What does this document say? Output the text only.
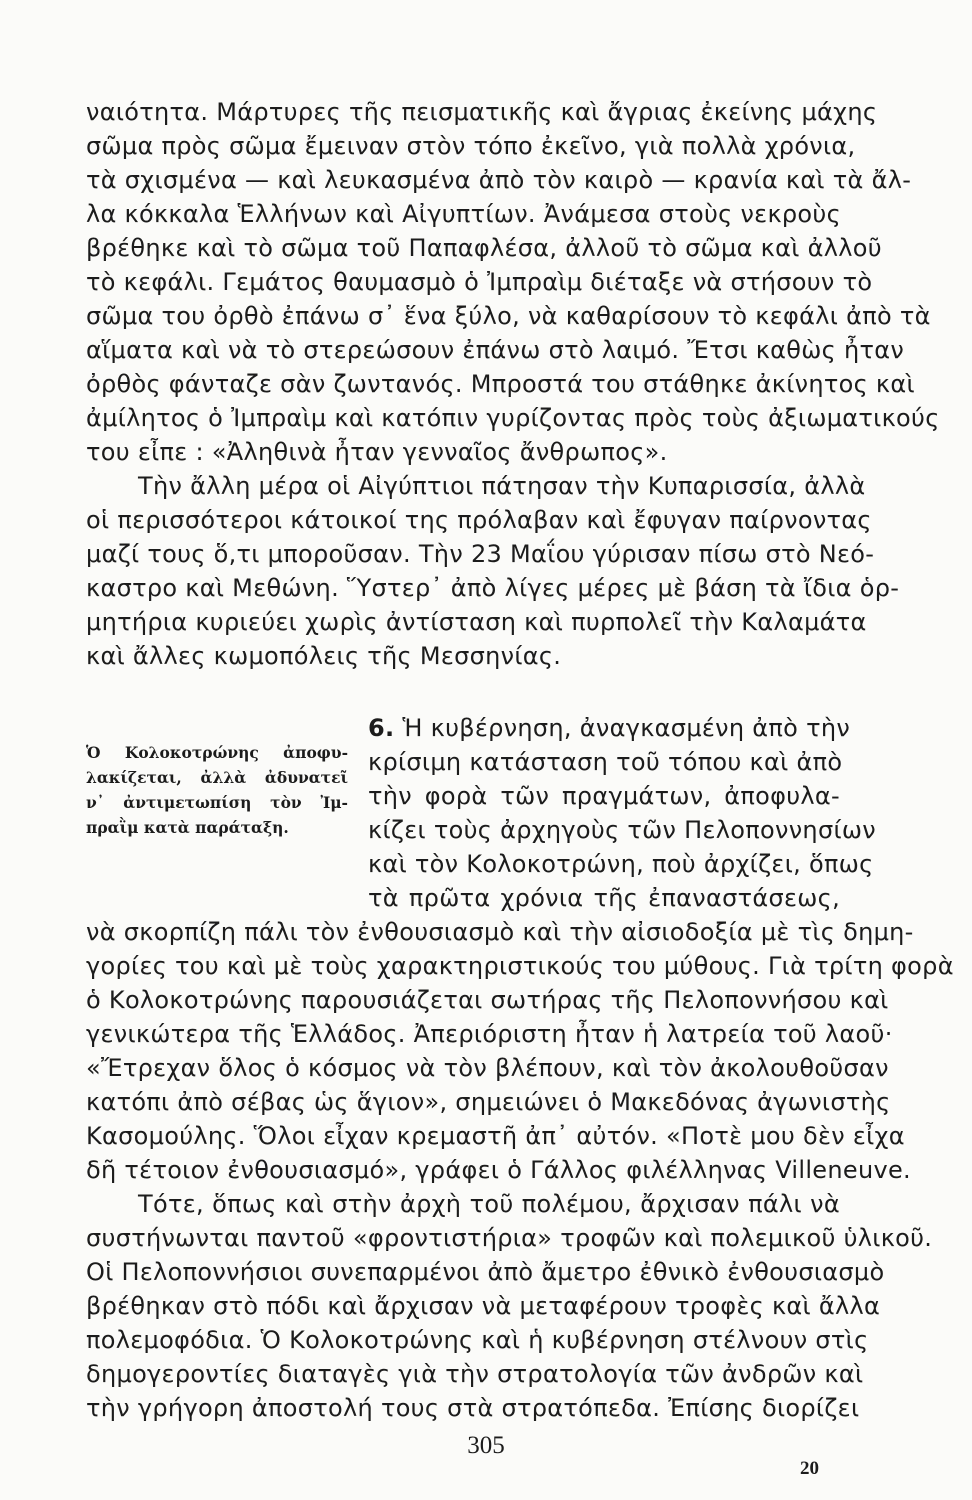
ναιότητα. Μάρτυρες τῆς πεισματικῆς καὶ ἄγριας ἐκείνης μάχης
σῶμα πρὸς σῶμα ἔμειναν στὸν τόπο ἐκεῖνο, γιὰ πολλὰ χρόνια,
τὰ σχισμένα — καὶ λευκασμένα ἀπὸ τὸν καιρὸ — κρανία καὶ τὰ ἄλ-
λα κόκκαλα Ἑλλήνων καὶ Αἰγυπτίων. Ἀνάμεσα στοὺς νεκροὺς
βρέθηκε καὶ τὸ σῶμα τοῦ Παπαφλέσα, ἀλλοῦ τὸ σῶμα καὶ ἀλλοῦ
τὸ κεφάλι. Γεμάτος θαυμασμὸ ὁ Ἰμπραὶμ διέταξε νὰ στήσουν τὸ
σῶμα του ὀρθὸ ἐπάνω σ᾿ ἕνα ξύλο, νὰ καθαρίσουν τὸ κεφάλι ἀπὸ τὰ
αἵματα καὶ νὰ τὸ στερεώσουν ἐπάνω στὸ λαιμό. Ἔτσι καθὼς ἦταν
ὀρθὸς φάνταζε σὰν ζωντανός. Μπροστά του στάθηκε ἀκίνητος καὶ
ἀμίλητος ὁ Ἰμπραὶμ καὶ κατόπιν γυρίζοντας πρὸς τοὺς ἀξιωματικούς
του εἶπε : «Ἀληθινὰ ἦταν γενναῖος ἄνθρωπος».
Τὴν ἄλλη μέρα οἱ Αἰγύπτιοι πάτησαν τὴν Κυπαρισσία, ἀλλὰ
οἱ περισσότεροι κάτοικοί της πρόλαβαν καὶ ἔφυγαν παίρνοντας
μαζί τους ὅ,τι μποροῦσαν. Τὴν 23 Μαΐου γύρισαν πίσω στὸ Νεό-
καστρο καὶ Μεθώνη. Ὕστερ᾿ ἀπὸ λίγες μέρες μὲ βάση τὰ ἴδια ὁρ-
μητήρια κυριεύει χωρὶς ἀντίσταση καὶ πυρπολεῖ τὴν Καλαμάτα
καὶ ἄλλες κωμοπόλεις τῆς Μεσσηνίας.
6. Ἡ κυβέρνηση, ἀναγκασμένη ἀπὸ τὴν
κρίσιμη κατάσταση τοῦ τόπου καὶ ἀπὸ
τὴν φορὰ τῶν πραγμάτων, ἀποφυλα-
κίζει τοὺς ἀρχηγοὺς τῶν Πελοποννησίων
καὶ τὸν Κολοκοτρώνη, ποὺ ἀρχίζει, ὅπως
τὰ πρῶτα χρόνια τῆς ἐπαναστάσεως,
Ὁ Κολοκοτρώνης ἀποφυ-
λακίζεται, ἀλλὰ ἀδυνατεῖ
ν᾿ ἀντιμετωπίση τὸν Ἰμ-
πραῒμ κατὰ παράταξη.
νὰ σκορπίζη πάλι τὸν ἐνθουσιασμὸ καὶ τὴν αἰσιοδοξία μὲ τὶς δημη-
γορίες του καὶ μὲ τοὺς χαρακτηριστικούς του μύθους. Γιὰ τρίτη φορὰ
ὁ Κολοκοτρώνης παρουσιάζεται σωτήρας τῆς Πελοποννήσου καὶ
γενικώτερα τῆς Ἑλλάδος. Ἀπεριόριστη ἦταν ἡ λατρεία τοῦ λαοῦ·
«Ἔτρεχαν ὅλος ὁ κόσμος νὰ τὸν βλέπουν, καὶ τὸν ἀκολουθοῦσαν
κατόπι ἀπὸ σέβας ὡς ἅγιον», σημειώνει ὁ Μακεδόνας ἀγωνιστὴς
Κασομούλης. Ὅλοι εἶχαν κρεμαστῆ ἀπ᾿ αὐτόν. «Ποτὲ μου δὲν εἶχα
δῆ τέτοιον ἐνθουσιασμό», γράφει ὁ Γάλλος φιλέλληνας Villeneuve.
Τότε, ὅπως καὶ στὴν ἀρχὴ τοῦ πολέμου, ἄρχισαν πάλι νὰ
συστήνωνται παντοῦ «φροντιστήρια» τροφῶν καὶ πολεμικοῦ ὑλικοῦ.
Οἱ Πελοποννήσιοι συνεπαρμένοι ἀπὸ ἄμετρο ἐθνικὸ ἐνθουσιασμὸ
βρέθηκαν στὸ πόδι καὶ ἄρχισαν νὰ μεταφέρουν τροφὲς καὶ ἄλλα
πολεμοφόδια. Ὁ Κολοκοτρώνης καὶ ἡ κυβέρνηση στέλνουν στὶς
δημογεροντίες διαταγὲς γιὰ τὴν στρατολογία τῶν ἀνδρῶν καὶ
τὴν γρήγορη ἀποστολή τους στὰ στρατόπεδα. Ἐπίσης διορίζει
305
20
